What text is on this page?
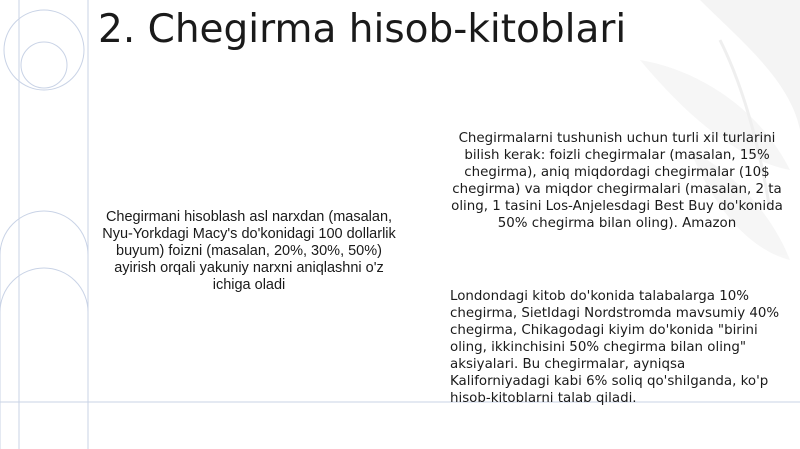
2. Chegirma hisob-kitoblari
Chegirmani hisoblash asl narxdan (masalan, Nyu-Yorkdagi Macy's do'konidagi 100 dollarlik buyum) foizni (masalan, 20%, 30%, 50%) ayirish orqali yakuniy narxni aniqlashni o'z ichiga oladi
Chegirmalarni tushunish uchun turli xil turlarini bilish kerak: foizli chegirmalar (masalan, 15% chegirma), aniq miqdordagi chegirmalar (10$ chegirma) va miqdor chegirmalari (masalan, 2 ta oling, 1 tasini Los-Anjelesdagi Best Buy do'konida 50% chegirma bilan oling). Amazon
Londondagi kitob do'konida talabalarga 10% chegirma, SietIdagi Nordstromda mavsumiy 40% chegirma, Chikagodagi kiyim do'konida "birini oling, ikkinchisini 50% chegirma bilan oling" aksiyalari. Bu chegirmalar, ayniqsa Kaliforniyadagi kabi 6% soliq qo'shilganda, ko'p hisob-kitoblarni talab qiladi.
